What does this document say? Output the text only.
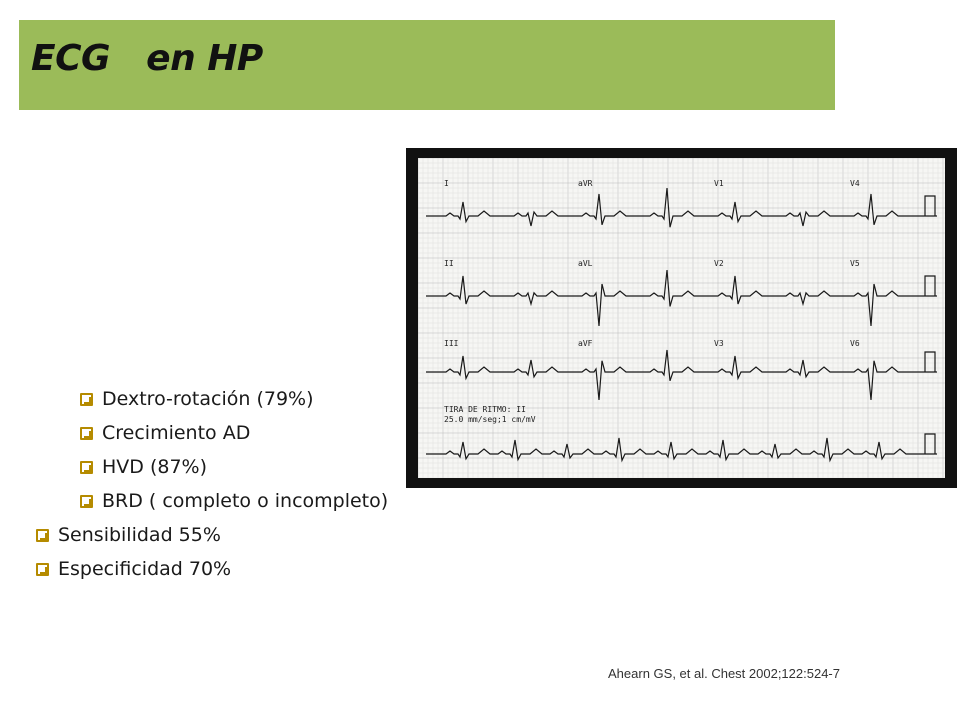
ECG   en HP
I	aVR	V1	V4
II	aVL	V2	V5
III	aVF	V3	V6
TIRA DE RITMO: II
25.0 mm/seg;1 cm/mV
Dextro-rotación (79%)
Crecimiento AD
HVD (87%)
BRD ( completo o incompleto)
Sensibilidad 55%
Especificidad 70%
Ahearn GS, et al. Chest 2002;122:524-7
